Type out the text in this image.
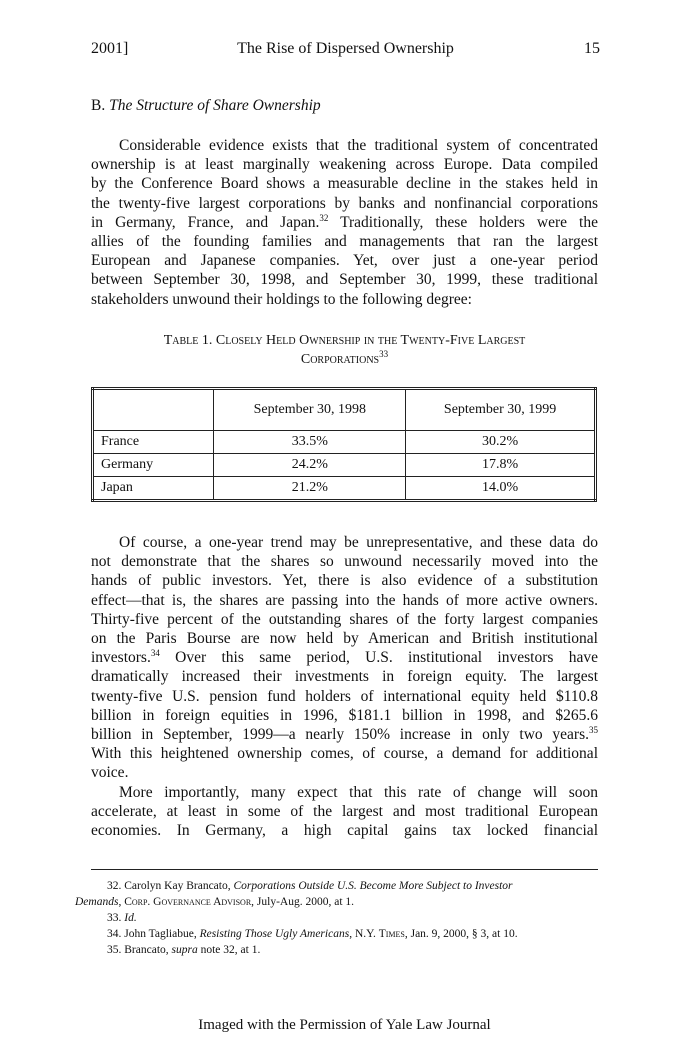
2001]	The Rise of Dispersed Ownership	15
B. The Structure of Share Ownership
Considerable evidence exists that the traditional system of concentrated
ownership is at least marginally weakening across Europe. Data compiled
by the Conference Board shows a measurable decline in the stakes held in
the twenty-five largest corporations by banks and nonfinancial corporations
in Germany, France, and Japan.$^{32}$ Traditionally, these holders were the
allies of the founding families and managements that ran the largest
European and Japanese companies. Yet, over just a one-year period
between September 30, 1998, and September 30, 1999, these traditional
stakeholders unwound their holdings to the following degree:
Table 1. Closely Held Ownership in the Twenty-Five Largest
Corporations$^{33}$
	September 30, 1998	September 30, 1999
France	33.5%	30.2%
Germany	24.2%	17.8%
Japan	21.2%	14.0%
Of course, a one-year trend may be unrepresentative, and these data do
not demonstrate that the shares so unwound necessarily moved into the
hands of public investors. Yet, there is also evidence of a substitution
effect—that is, the shares are passing into the hands of more active owners.
Thirty-five percent of the outstanding shares of the forty largest companies
on the Paris Bourse are now held by American and British institutional
investors.$^{34}$ Over this same period, U.S. institutional investors have
dramatically increased their investments in foreign equity. The largest
twenty-five U.S. pension fund holders of international equity held $110.8
billion in foreign equities in 1996, $181.1 billion in 1998, and $265.6
billion in September, 1999—a nearly 150% increase in only two years.$^{35}$
With this heightened ownership comes, of course, a demand for additional
voice.
More importantly, many expect that this rate of change will soon
accelerate, at least in some of the largest and most traditional European
economies. In Germany, a high capital gains tax locked financial
32. Carolyn Kay Brancato, Corporations Outside U.S. Become More Subject to Investor
Demands, Corp. Governance Advisor, July-Aug. 2000, at 1.
33. Id.
34. John Tagliabue, Resisting Those Ugly Americans, N.Y. Times, Jan. 9, 2000, § 3, at 10.
35. Brancato, supra note 32, at 1.
Imaged with the Permission of Yale Law Journal
